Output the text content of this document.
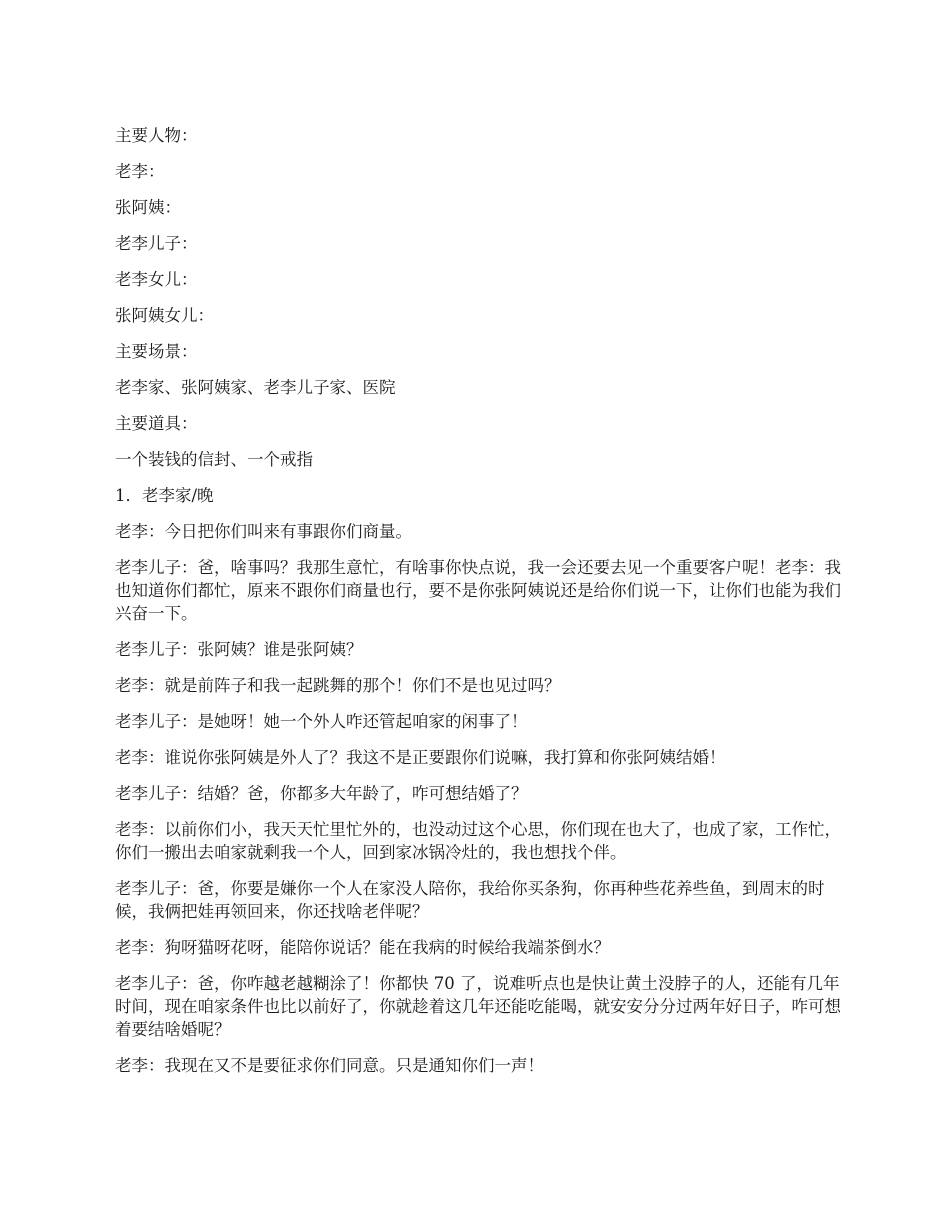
主要人物：

老李：

张阿姨：

老李儿子：

老李女儿：

张阿姨女儿：

主要场景：

老李家、张阿姨家、老李儿子家、医院

主要道具：

一个装钱的信封、一个戒指

1．老李家/晚

老李：今日把你们叫来有事跟你们商量。

老李儿子：爸，啥事吗？我那生意忙，有啥事你快点说，我一会还要去见一个重要客户呢！老李：我也知道你们都忙，原来不跟你们商量也行，要不是你张阿姨说还是给你们说一下，让你们也能为我们兴奋一下。

老李儿子：张阿姨？谁是张阿姨？

老李：就是前阵子和我一起跳舞的那个！你们不是也见过吗？

老李儿子：是她呀！她一个外人咋还管起咱家的闲事了！

老李：谁说你张阿姨是外人了？我这不是正要跟你们说嘛，我打算和你张阿姨结婚！

老李儿子：结婚？爸，你都多大年龄了，咋可想结婚了？

老李：以前你们小，我天天忙里忙外的，也没动过这个心思，你们现在也大了，也成了家，工作忙，你们一搬出去咱家就剩我一个人，回到家冰锅冷灶的，我也想找个伴。

老李儿子：爸，你要是嫌你一个人在家没人陪你，我给你买条狗，你再种些花养些鱼，到周末的时候，我俩把娃再领回来，你还找啥老伴呢？

老李：狗呀猫呀花呀，能陪你说话？能在我病的时候给我端茶倒水？

老李儿子：爸，你咋越老越糊涂了！你都快 70 了，说难听点也是快让黄土没脖子的人，还能有几年时间，现在咱家条件也比以前好了，你就趁着这几年还能吃能喝，就安安分分过两年好日子，咋可想着要结啥婚呢？

老李：我现在又不是要征求你们同意。只是通知你们一声！
